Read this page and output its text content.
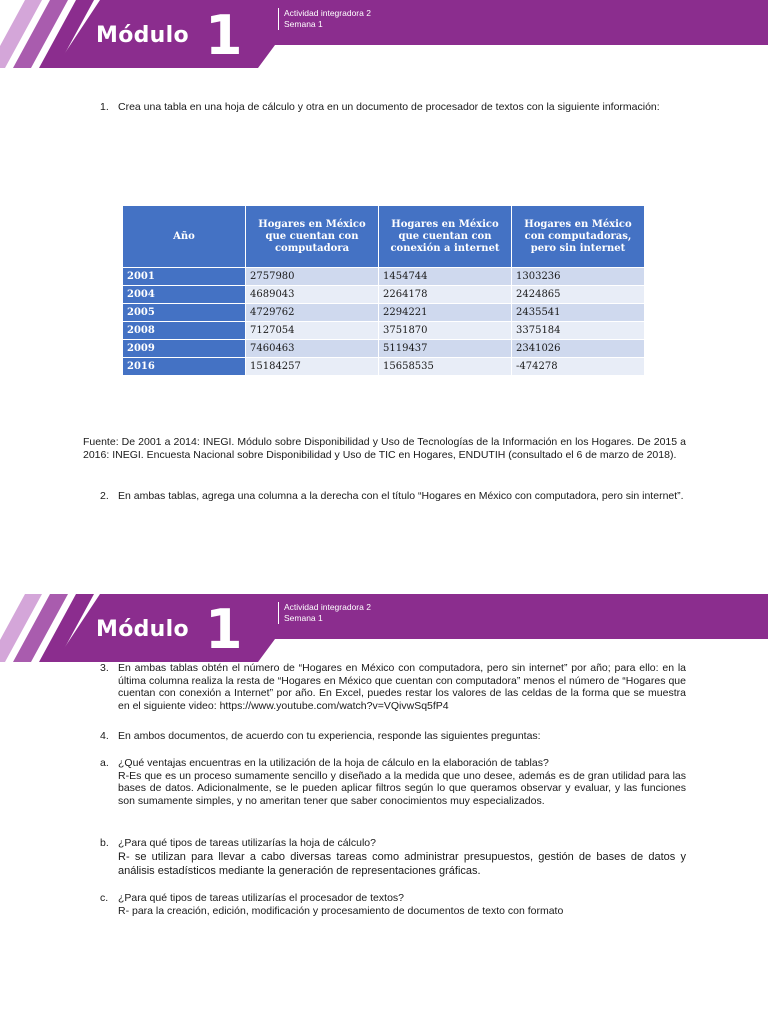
Módulo 1	Actividad integradora 2
Semana 1
1. Crea una tabla en una hoja de cálculo y otra en un documento de procesador de textos con la siguiente información:
Año	Hogares en México que cuentan con computadora	Hogares en México que cuentan con conexión a internet	Hogares en México con computadoras, pero sin internet
2001	2757980	1454744	1303236
2004	4689043	2264178	2424865
2005	4729762	2294221	2435541
2008	7127054	3751870	3375184
2009	7460463	5119437	2341026
2016	15184257	15658535	-474278
Fuente: De 2001 a 2014: INEGI. Módulo sobre Disponibilidad y Uso de Tecnologías de la Información en los Hogares. De 2015 a 2016: INEGI. Encuesta Nacional sobre Disponibilidad y Uso de TIC en Hogares, ENDUTIH (consultado el 6 de marzo de 2018).
2. En ambas tablas, agrega una columna a la derecha con el título “Hogares en México con computadora, pero sin internet”.
Módulo 1	Actividad integradora 2
Semana 1
3. En ambas tablas obtén el número de “Hogares en México con computadora, pero sin internet” por año; para ello: en la última columna realiza la resta de “Hogares en México que cuentan con computadora” menos el número de “Hogares que cuentan con conexión a Internet” por año. En Excel, puedes restar los valores de las celdas de la forma que se muestra en el siguiente video: https://www.youtube.com/watch?v=VQivwSq5fP4
4. En ambos documentos, de acuerdo con tu experiencia, responde las siguientes preguntas:
a. ¿Qué ventajas encuentras en la utilización de la hoja de cálculo en la elaboración de tablas?
R-Es que es un proceso sumamente sencillo y diseñado a la medida que uno desee, además es de gran utilidad para las bases de datos. Adicionalmente, se le pueden aplicar filtros según lo que queramos observar y evaluar, y las funciones son sumamente simples, y no ameritan tener que saber conocimientos muy especializados.
b. ¿Para qué tipos de tareas utilizarías la hoja de cálculo?
R- se utilizan para llevar a cabo diversas tareas como administrar presupuestos, gestión de bases de datos y análisis estadísticos mediante la generación de representaciones gráficas.
c. ¿Para qué tipos de tareas utilizarías el procesador de textos?
R- para la creación, edición, modificación y procesamiento de documentos de texto con formato
